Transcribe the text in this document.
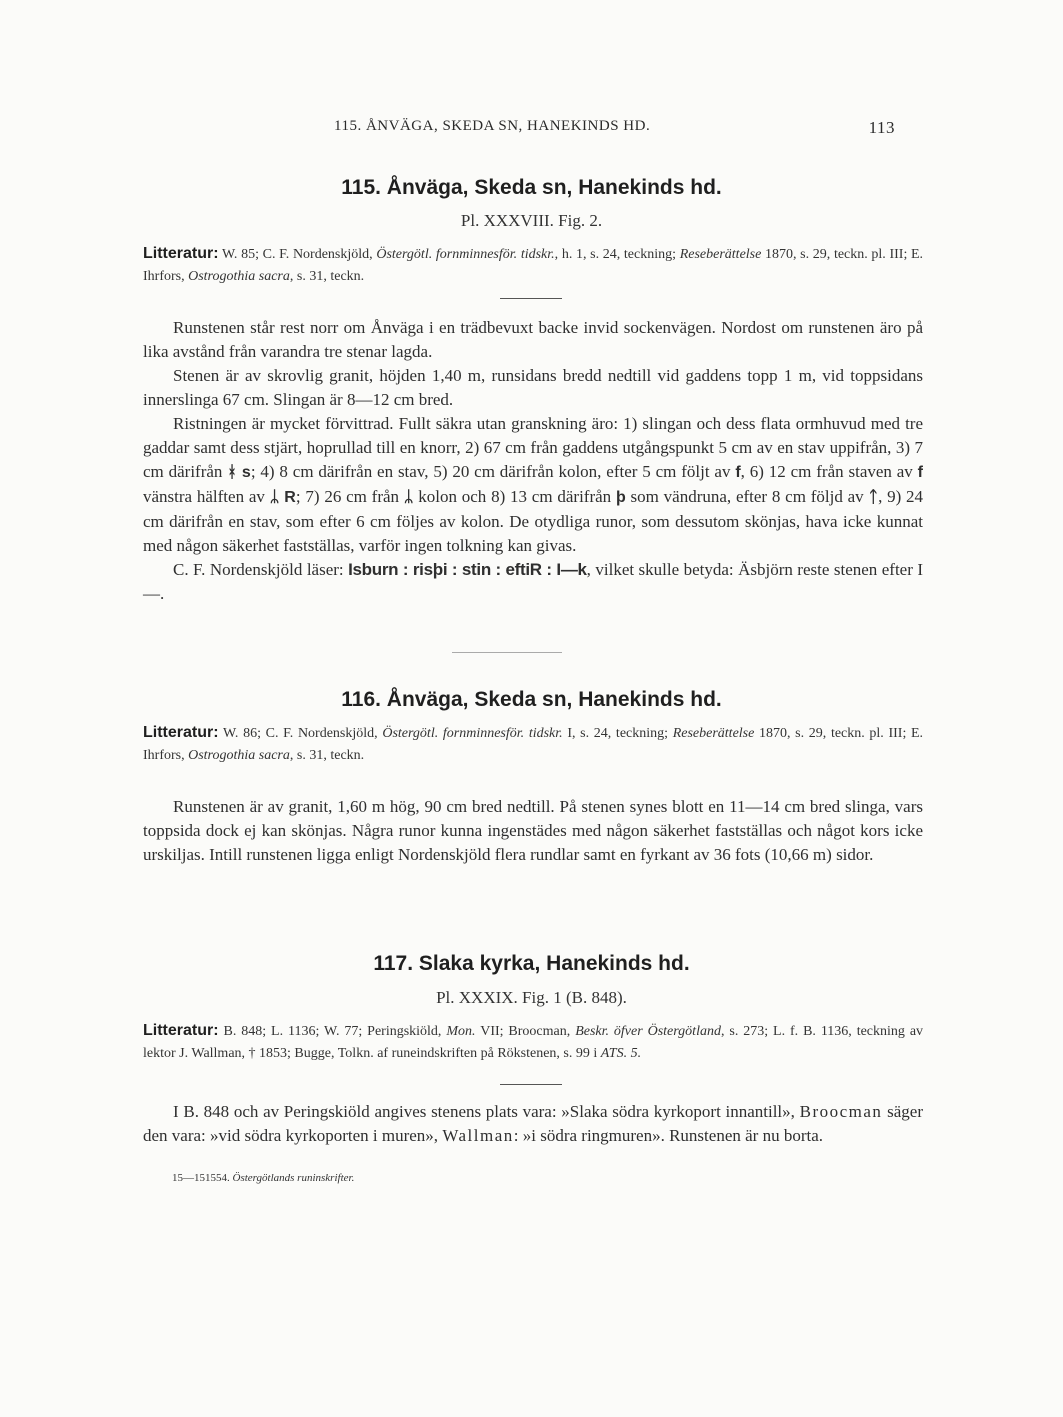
115. ÅNVÄGA, SKEDA SN, HANEKINDS HD.	113
115. Ånväga, Skeda sn, Hanekinds hd.
Pl. XXXVIII. Fig. 2.
Litteratur: W. 85; C. F. Nordenskjöld, Östergötl. fornminnesför. tidskr., h. 1, s. 24, teckning; Reseberättelse 1870, s. 29, teckn. pl. III; E. Ihrfors, Ostrogothia sacra, s. 31, teckn.

Runstenen står rest norr om Ånväga i en trädbevuxt backe invid sockenvägen. Nordost om runstenen äro på lika avstånd från varandra tre stenar lagda.

Stenen är av skrovlig granit, höjden 1,40 m, runsidans bredd nedtill vid gaddens topp 1 m, vid toppsidans innerslinga 67 cm. Slingan är 8—12 cm bred.

Ristningen är mycket förvittrad. Fullt säkra utan granskning äro: 1) slingan och dess flata ormhuvud med tre gaddar samt dess stjärt, hoprullad till en knorr, 2) 67 cm från gaddens utgångspunkt 5 cm av en stav uppifrån, 3) 7 cm därifrån ᚼ s; 4) 8 cm därifrån en stav, 5) 20 cm därifrån kolon, efter 5 cm följt av f, 6) 12 cm från staven av f vänstra hälften av ᛦ R; 7) 26 cm från ᛦ kolon och 8) 13 cm därifrån þ som vändruna, efter 8 cm följd av ᛏ, 9) 24 cm därifrån en stav, som efter 6 cm följes av kolon. De otydliga runor, som dessutom skönjas, hava icke kunnat med någon säkerhet fastställas, varför ingen tolkning kan givas.

C. F. Nordenskjöld läser: Isburn : risþi : stin : eftiR : I—k, vilket skulle betyda: Äsbjörn reste stenen efter I—.

116. Ånväga, Skeda sn, Hanekinds hd.
Litteratur: W. 86; C. F. Nordenskjöld, Östergötl. fornminnesför. tidskr. I, s. 24, teckning; Reseberättelse 1870, s. 29, teckn. pl. III; E. Ihrfors, Ostrogothia sacra, s. 31, teckn.

Runstenen är av granit, 1,60 m hög, 90 cm bred nedtill. På stenen synes blott en 11—14 cm bred slinga, vars toppsida dock ej kan skönjas. Några runor kunna ingenstädes med någon säkerhet fastställas och något kors icke urskiljas. Intill runstenen ligga enligt Nordenskjöld flera rundlar samt en fyrkant av 36 fots (10,66 m) sidor.

117. Slaka kyrka, Hanekinds hd.
Pl. XXXIX. Fig. 1 (B. 848).
Litteratur: B. 848; L. 1136; W. 77; Peringskiöld, Mon. VII; Broocman, Beskr. öfver Östergötland, s. 273; L. f. B. 1136, teckning av lektor J. Wallman, † 1853; Bugge, Tolkn. af runeindskriften på Rökstenen, s. 99 i ATS. 5.

I B. 848 och av Peringskiöld angives stenens plats vara: »Slaka södra kyrkoport innantill», Broocman säger den vara: »vid södra kyrkoporten i muren», Wallman: »i södra ringmuren». Runstenen är nu borta.

15—151554. Östergötlands runinskrifter.
